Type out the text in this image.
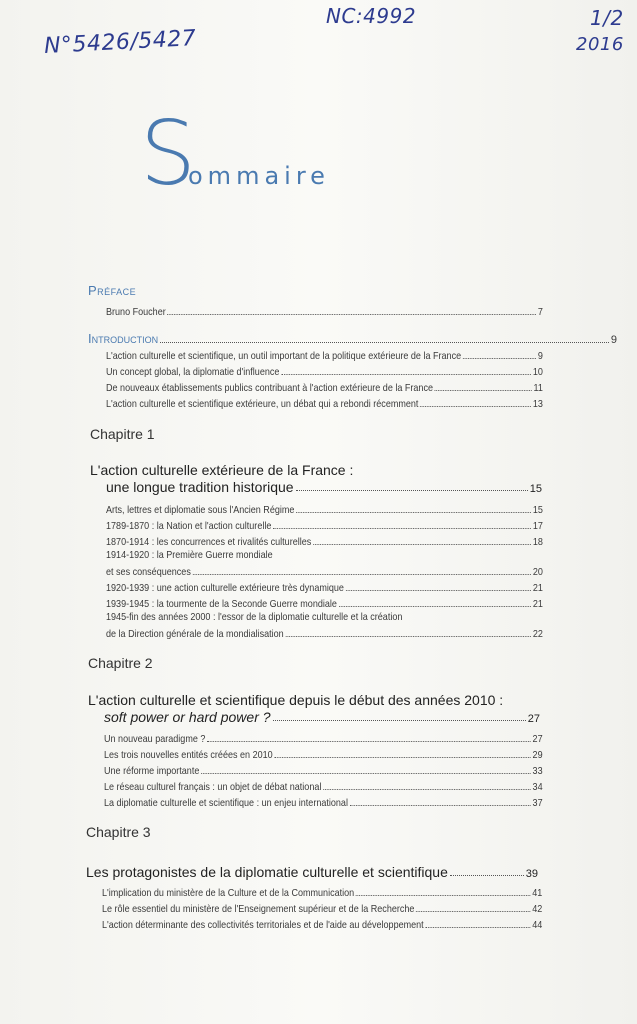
N°5426/5427
NC:4992	1/2
2016
S
ommaire
Préface
Bruno Foucher	7
Introduction	9
L'action culturelle et scientifique, un outil important de la politique extérieure de la France	9
Un concept global, la diplomatie d'influence	10
De nouveaux établissements publics contribuant à l'action extérieure de la France	11
L'action culturelle et scientifique extérieure, un débat qui a rebondi récemment	13
Chapitre 1
L'action culturelle extérieure de la France :
une longue tradition historique	15
Arts, lettres et diplomatie sous l'Ancien Régime	15
1789-1870 : la Nation et l'action culturelle	17
1870-1914 : les concurrences et rivalités culturelles	18
1914-1920 : la Première Guerre mondiale
et ses conséquences	20
1920-1939 : une action culturelle extérieure très dynamique	21
1939-1945 : la tourmente de la Seconde Guerre mondiale	21
1945-fin des années 2000 : l'essor de la diplomatie culturelle et la création
de la Direction générale de la mondialisation	22
Chapitre 2
L'action culturelle et scientifique depuis le début des années 2010 :
soft power or hard power ?	27
Un nouveau paradigme ?	27
Les trois nouvelles entités créées en 2010	29
Une réforme importante	33
Le réseau culturel français : un objet de débat national	34
La diplomatie culturelle et scientifique : un enjeu international	37
Chapitre 3
Les protagonistes de la diplomatie culturelle et scientifique	39
L'implication du ministère de la Culture et de la Communication	41
Le rôle essentiel du ministère de l'Enseignement supérieur et de la Recherche	42
L'action déterminante des collectivités territoriales et de l'aide au développement	44
